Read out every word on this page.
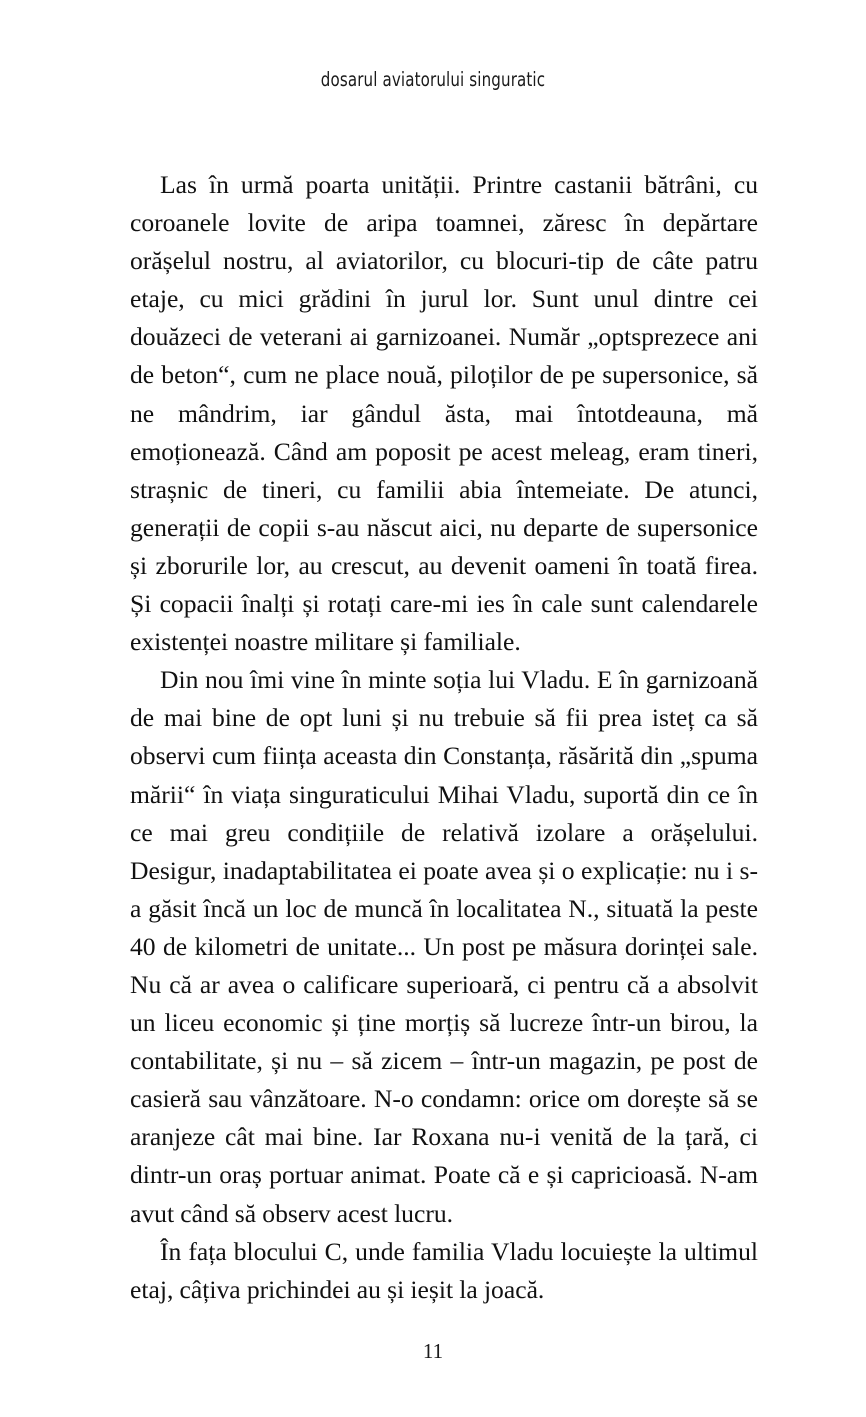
dosarul aviatorului singuratic

Las în urmă poarta unității. Printre castanii bătrâni, cu coroanele lovite de aripa toamnei, zăresc în depărtare orășelul nostru, al aviatorilor, cu blocuri-tip de câte patru etaje, cu mici grădini în jurul lor. Sunt unul dintre cei douăzeci de veterani ai garnizoanei. Număr „optsprezece ani de beton“, cum ne place nouă, piloților de pe supersonice, să ne mândrim, iar gândul ăsta, mai întotdeauna, mă emoționează. Când am poposit pe acest meleag, eram tineri, strașnic de tineri, cu familii abia întemeiate. De atunci, generații de copii s-au născut aici, nu departe de supersonice și zborurile lor, au crescut, au devenit oameni în toată firea. Și copacii înalți și rotați care-mi ies în cale sunt calendarele existenței noastre militare și familiale.

Din nou îmi vine în minte soția lui Vladu. E în garnizoană de mai bine de opt luni și nu trebuie să fii prea isteț ca să observi cum ființa aceasta din Constanța, răsărită din „spuma mării“ în viața singuraticului Mihai Vladu, suportă din ce în ce mai greu condițiile de relativă izolare a orășelului. Desigur, inadaptabilitatea ei poate avea și o explicație: nu i s-a găsit încă un loc de muncă în localitatea N., situată la peste 40 de kilometri de unitate... Un post pe măsura dorinței sale. Nu că ar avea o calificare superioară, ci pentru că a absolvit un liceu economic și ține morțiș să lucreze într-un birou, la contabilitate, și nu – să zicem – într-un magazin, pe post de casieră sau vânzătoare. N-o condamn: orice om dorește să se aranjeze cât mai bine. Iar Roxana nu-i venită de la țară, ci dintr-un oraș portuar animat. Poate că e și capricioasă. N-am avut când să observ acest lucru.

În fața blocului C, unde familia Vladu locuiește la ultimul etaj, câțiva prichindei au și ieșit la joacă.

11
